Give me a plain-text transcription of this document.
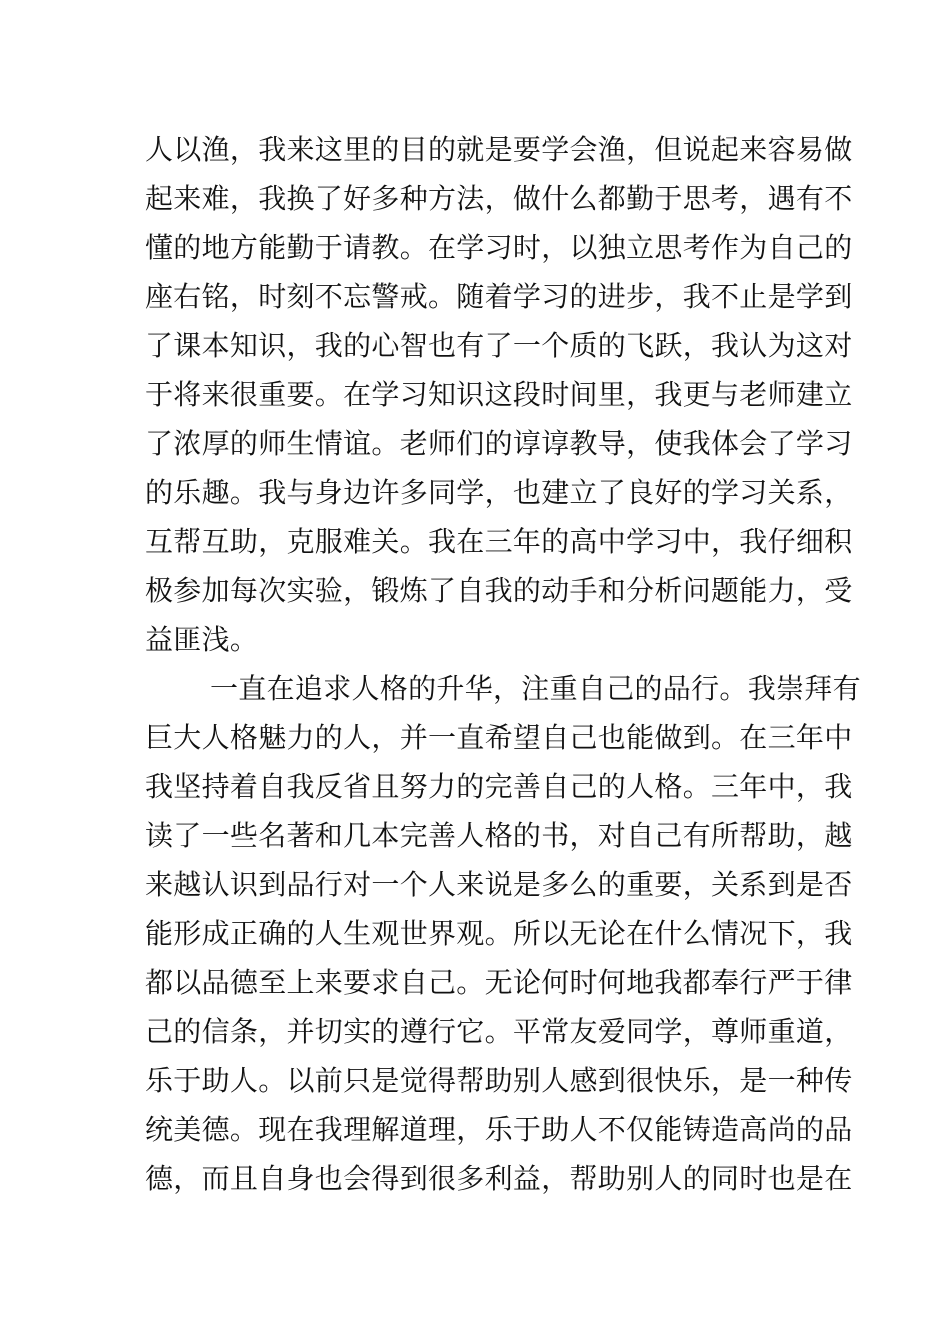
人以渔，我来这里的目的就是要学会渔，但说起来容易做
起来难，我换了好多种方法，做什么都勤于思考，遇有不
懂的地方能勤于请教。在学习时，以独立思考作为自己的
座右铭，时刻不忘警戒。随着学习的进步，我不止是学到
了课本知识，我的心智也有了一个质的飞跃，我认为这对
于将来很重要。在学习知识这段时间里，我更与老师建立
了浓厚的师生情谊。老师们的谆谆教导，使我体会了学习
的乐趣。我与身边许多同学，也建立了良好的学习关系，
互帮互助，克服难关。我在三年的高中学习中，我仔细积
极参加每次实验，锻炼了自我的动手和分析问题能力，受
益匪浅。
一直在追求人格的升华，注重自己的品行。我崇拜有
巨大人格魅力的人，并一直希望自己也能做到。在三年中
我坚持着自我反省且努力的完善自己的人格。三年中，我
读了一些名著和几本完善人格的书，对自己有所帮助，越
来越认识到品行对一个人来说是多么的重要，关系到是否
能形成正确的人生观世界观。所以无论在什么情况下，我
都以品德至上来要求自己。无论何时何地我都奉行严于律
己的信条，并切实的遵行它。平常友爱同学，尊师重道，
乐于助人。以前只是觉得帮助别人感到很快乐，是一种传
统美德。现在我理解道理，乐于助人不仅能铸造高尚的品
德，而且自身也会得到很多利益，帮助别人的同时也是在
